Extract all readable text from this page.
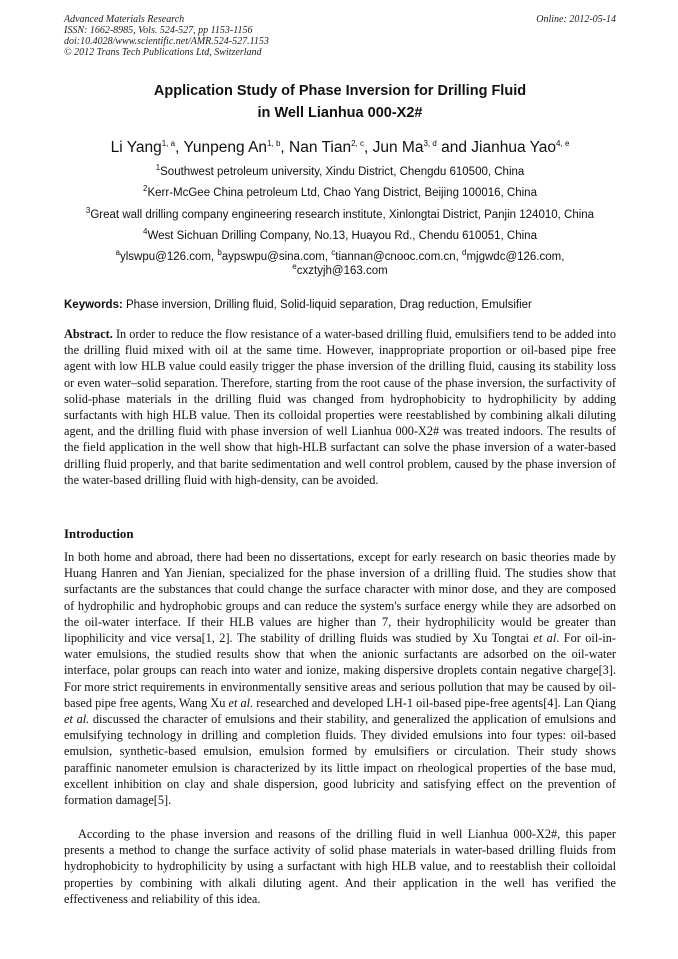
Advanced Materials Research
ISSN: 1662-8985, Vols. 524-527, pp 1153-1156
doi:10.4028/www.scientific.net/AMR.524-527.1153
© 2012 Trans Tech Publications Ltd, Switzerland
Online: 2012-05-14
Application Study of Phase Inversion for Drilling Fluid
in Well Lianhua 000-X2#
Li Yang$^{1, a}$, Yunpeng An$^{1, b}$, Nan Tian$^{2, c}$, Jun Ma$^{3, d}$ and Jianhua Yao$^{4, e}$
$^1$Southwest petroleum university, Xindu District, Chengdu 610500, China
$^2$Kerr-McGee China petroleum Ltd, Chao Yang District, Beijing 100016, China
$^3$Great wall drilling company engineering research institute, Xinlongtai District, Panjin 124010, China
$^4$West Sichuan Drilling Company, No.13, Huayou Rd., Chendu 610051, China
$^a$ylswpu@126.com, $^b$aypswpu@sina.com, $^c$tiannan@cnooc.com.cn, $^d$mjgwdc@126.com,
$^e$cxztyjh@163.com
Keywords: Phase inversion, Drilling fluid, Solid-liquid separation, Drag reduction, Emulsifier
Abstract. In order to reduce the flow resistance of a water-based drilling fluid, emulsifiers tend to be added into the drilling fluid mixed with oil at the same time. However, inappropriate proportion or oil-based pipe free agent with low HLB value could easily trigger the phase inversion of the drilling fluid, causing its stability loss or even water–solid separation. Therefore, starting from the root cause of the phase inversion, the surfactivity of solid-phase materials in the drilling fluid was changed from hydrophobicity to hydrophilicity by adding surfactants with high HLB value. Then its colloidal properties were reestablished by combining alkali diluting agent, and the drilling fluid with phase inversion of well Lianhua 000-X2# was treated indoors. The results of the field application in the well show that high-HLB surfactant can solve the phase inversion of a water-based drilling fluid properly, and that barite sedimentation and well control problem, caused by the phase inversion of the water-based drilling fluid with high-density, can be avoided.
Introduction

In both home and abroad, there had been no dissertations, except for early research on basic theories made by Huang Hanren and Yan Jienian, specialized for the phase inversion of a drilling fluid. The studies show that surfactants are the substances that could change the surface character with minor dose, and they are composed of hydrophilic and hydrophobic groups and can reduce the system's surface energy while they are adsorbed on the oil-water interface. If their HLB values are higher than 7, their hydrophilicity would be greater than lipophilicity and vice versa[1, 2]. The stability of drilling fluids was studied by Xu Tongtai et al. For oil-in-water emulsions, the studied results show that when the anionic surfactants are adsorbed on the oil-water interface, polar groups can reach into water and ionize, making dispersive droplets contain negative charge[3]. For more strict requirements in environmentally sensitive areas and serious pollution that may be caused by oil-based pipe free agents, Wang Xu et al. researched and developed LH-1 oil-based pipe-free agents[4]. Lan Qiang et al. discussed the character of emulsions and their stability, and generalized the application of emulsions and emulsifying technology in drilling and completion fluids. They divided emulsions into four types: oil-based emulsion, synthetic-based emulsion, emulsion formed by emulsifiers or circulation. Their study shows paraffinic nanometer emulsion is characterized by its little impact on rheological properties of the base mud, excellent inhibition on clay and shale dispersion, good lubricity and satisfying effect on the prevention of formation damage[5].

According to the phase inversion and reasons of the drilling fluid in well Lianhua 000-X2#, this paper presents a method to change the surface activity of solid phase materials in water-based drilling fluids from hydrophobicity to hydrophilicity by using a surfactant with high HLB value, and to reestablish their colloidal properties by combining with alkali diluting agent. And their application in the well has verified the effectiveness and reliability of this idea.
